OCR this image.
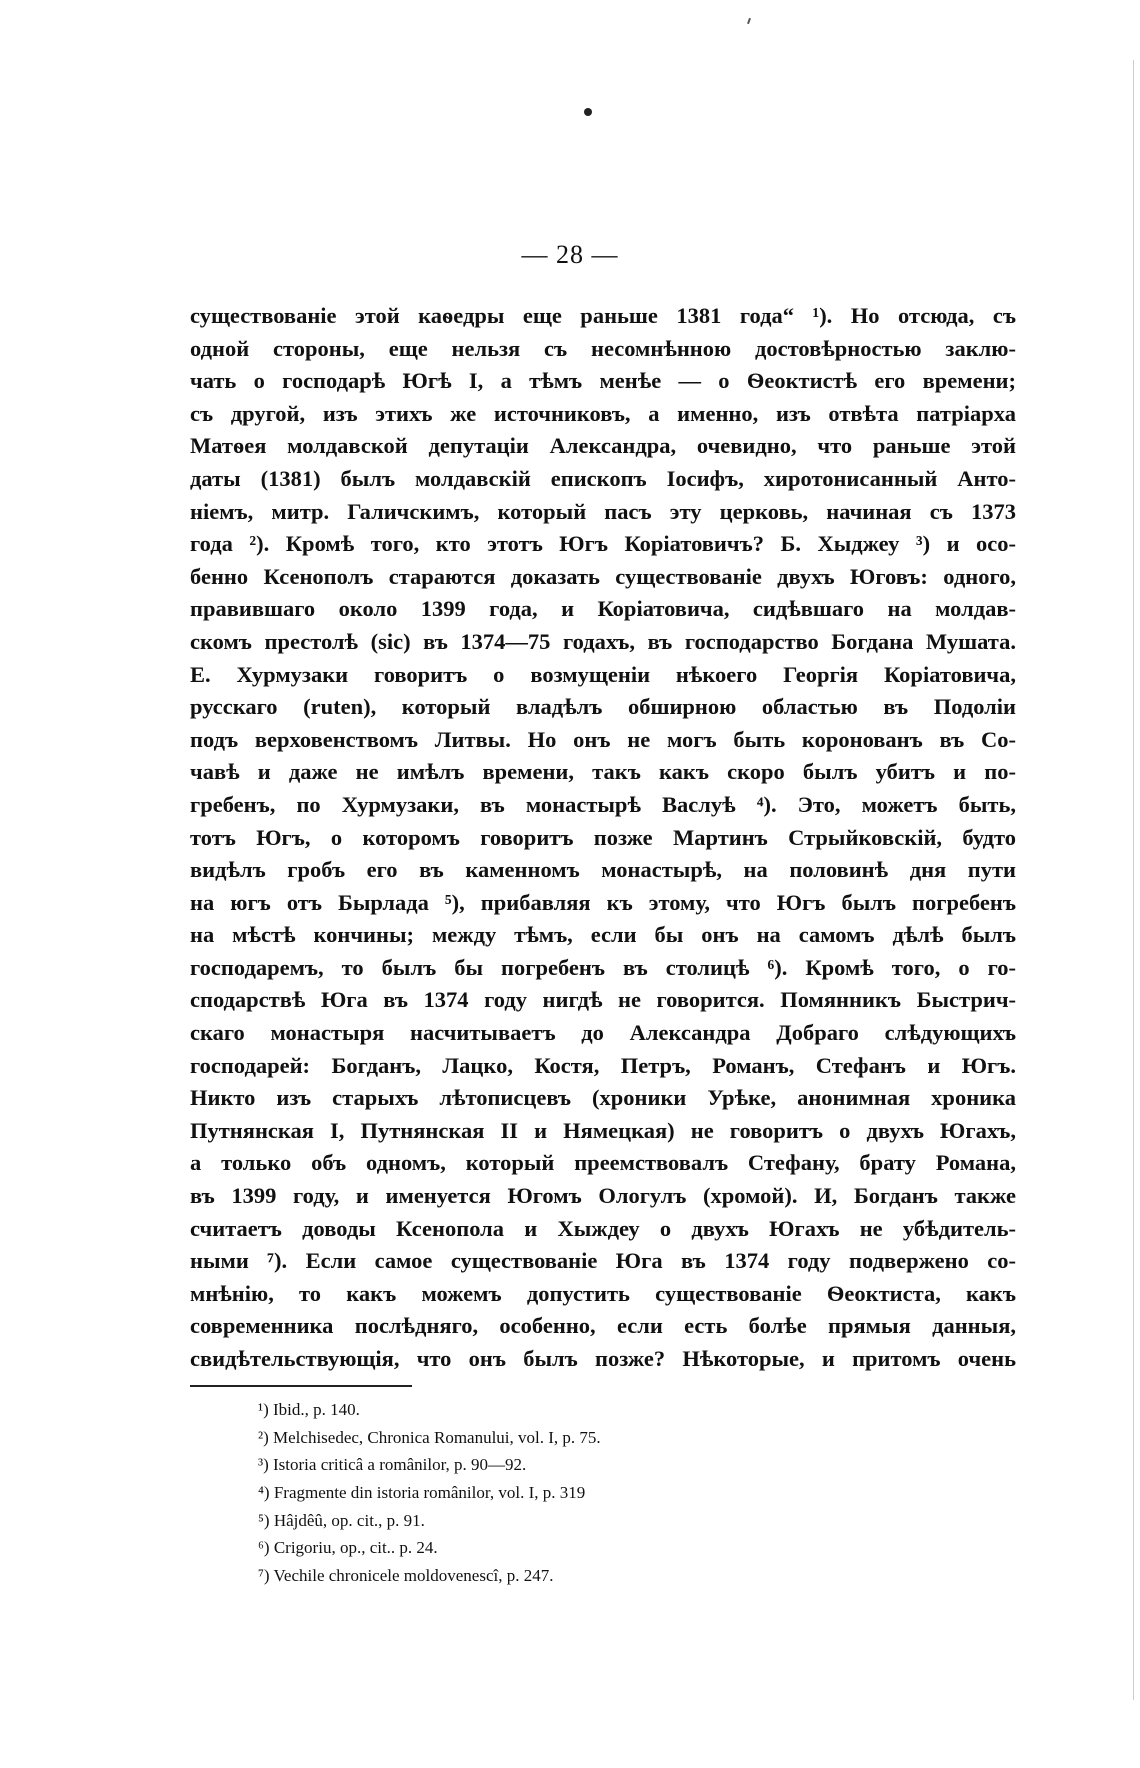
— 28 —
существованіе этой каѳедры еще раньше 1381 года“ ¹). Но отсюда, съ
одной стороны, еще нельзя съ несомнѣнною достовѣрностью заклю-
чать о господарѣ Югѣ I, а тѣмъ менѣе — о Ѳеоктистѣ его времени;
съ другой, изъ этихъ же источниковъ, а именно, изъ отвѣта патріарха
Матѳея молдавской депутаціи Александра, очевидно, что раньше этой
даты (1381) былъ молдавскій епископъ Іосифъ, хиротонисанный Анто-
ніемъ, митр. Галичскимъ, который пасъ эту церковь, начиная съ 1373
года ²). Кромѣ того, кто этотъ Югъ Коріатовичъ? Б. Хыджеу ³) и осо-
бенно Ксенополъ стараются доказать существованіе двухъ Юговъ: одного,
правившаго около 1399 года, и Коріатовича, сидѣвшаго на молдав-
скомъ престолѣ (sic) въ 1374—75 годахъ, въ господарство Богдана Мушата.
Е. Хурмузаки говоритъ о возмущеніи нѣкоего Георгія Коріатовича,
русскаго (ruten), который владѣлъ обширною областью въ Подоліи
подъ верховенствомъ Литвы. Но онъ не могъ быть коронованъ въ Со-
чавѣ и даже не имѣлъ времени, такъ какъ скоро былъ убитъ и по-
гребенъ, по Хурмузаки, въ монастырѣ Васлуѣ ⁴). Это, можетъ быть,
тотъ Югъ, о которомъ говоритъ позже Мартинъ Стрыйковскій, будто
видѣлъ гробъ его въ каменномъ монастырѣ, на половинѣ дня пути
на югъ отъ Бырлада ⁵), прибавляя къ этому, что Югъ былъ погребенъ
на мѣстѣ кончины; между тѣмъ, если бы онъ на самомъ дѣлѣ былъ
господаремъ, то былъ бы погребенъ въ столицѣ ⁶). Кромѣ того, о го-
сподарствѣ Юга въ 1374 году нигдѣ не говорится. Помянникъ Быстрич-
скаго монастыря насчитываетъ до Александра Добраго слѣдующихъ
господарей: Богданъ, Лацко, Костя, Петръ, Романъ, Стефанъ и Югъ.
Никто изъ старыхъ лѣтописцевъ (хроники Урѣке, анонимная хроника
Путнянская I, Путнянская II и Нямецкая) не говоритъ о двухъ Югахъ,
а только объ одномъ, который преемствовалъ Стефану, брату Романа,
въ 1399 году, и именуется Югомъ Ологулъ (хромой). И, Богданъ также
считаетъ доводы Ксенопола и Хыждеу о двухъ Югахъ не убѣдитель-
ными ⁷). Если самое существованіе Юга въ 1374 году подвержено со-
мнѣнію, то какъ можемъ допустить существованіе Ѳеоктиста, какъ
современника послѣдняго, особенно, если есть болѣе прямыя данныя,
свидѣтельствующія, что онъ былъ позже? Нѣкоторые, и притомъ очень
¹) Ibid., p. 140.
²) Melchisedec, Chronica Romanului, vol. I, p. 75.
³) Istoria criticâ a românilor, p. 90—92.
⁴) Fragmente din istoria românilor, vol. I, p. 319
⁵) Hâjdêû, op. cit., p. 91.
⁶) Crigoriu, op., cit.. p. 24.
⁷) Vechile chronicele moldovenescî, p. 247.
